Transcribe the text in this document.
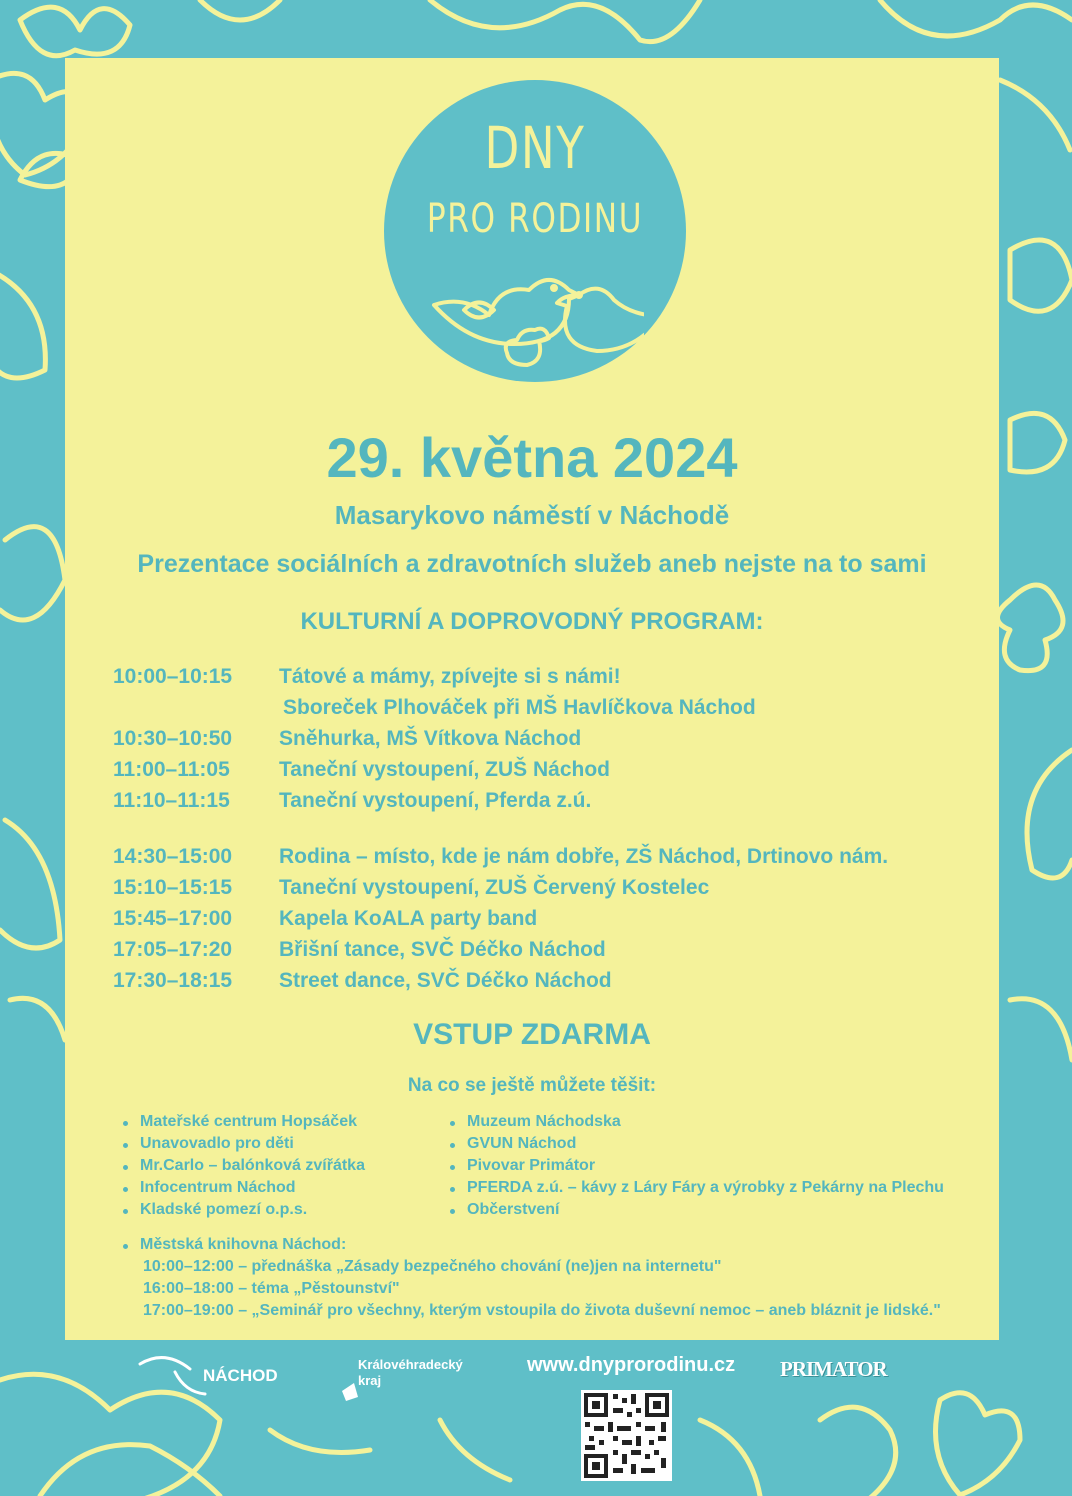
DNY
PRO RODINU
29. května 2024
Masarykovo náměstí v Náchodě
Prezentace sociálních a zdravotních služeb aneb nejste na to sami
KULTURNÍ A DOPROVODNÝ PROGRAM:
10:00–10:15 Tátové a mámy, zpívejte si s námi!
Sboreček Plhováček při MŠ Havlíčkova Náchod
10:30–10:50 Sněhurka, MŠ Vítkova Náchod
11:00–11:05 Taneční vystoupení, ZUŠ Náchod
11:10–11:15 Taneční vystoupení, Pferda z.ú.
14:30–15:00 Rodina – místo, kde je nám dobře, ZŠ Náchod, Drtinovo nám.
15:10–15:15 Taneční vystoupení, ZUŠ Červený Kostelec
15:45–17:00 Kapela KoALA party band
17:05–17:20 Břišní tance, SVČ Déčko Náchod
17:30–18:15 Street dance, SVČ Déčko Náchod
VSTUP ZDARMA
Na co se ještě můžete těšit:
Mateřské centrum Hopsáček
Unavovadlo pro děti
Mr.Carlo – balónková zvířátka
Infocentrum Náchod
Kladské pomezí o.p.s.
Muzeum Náchodska
GVUN Náchod
Pivovar Primátor
PFERDA z.ú. – kávy z Láry Fáry a výrobky z Pekárny na Plechu
Občerstvení
Městská knihovna Náchod:
10:00–12:00 – přednáška „Zásady bezpečného chování (ne)jen na internetu"
16:00–18:00 – téma „Pěstounství"
17:00–19:00 – „Seminář pro všechny, kterým vstoupila do života duševní nemoc – aneb bláznit je lidské."
NÁCHOD
Královéhradecký
kraj
www.dnyprorodinu.cz PRIMATOR
